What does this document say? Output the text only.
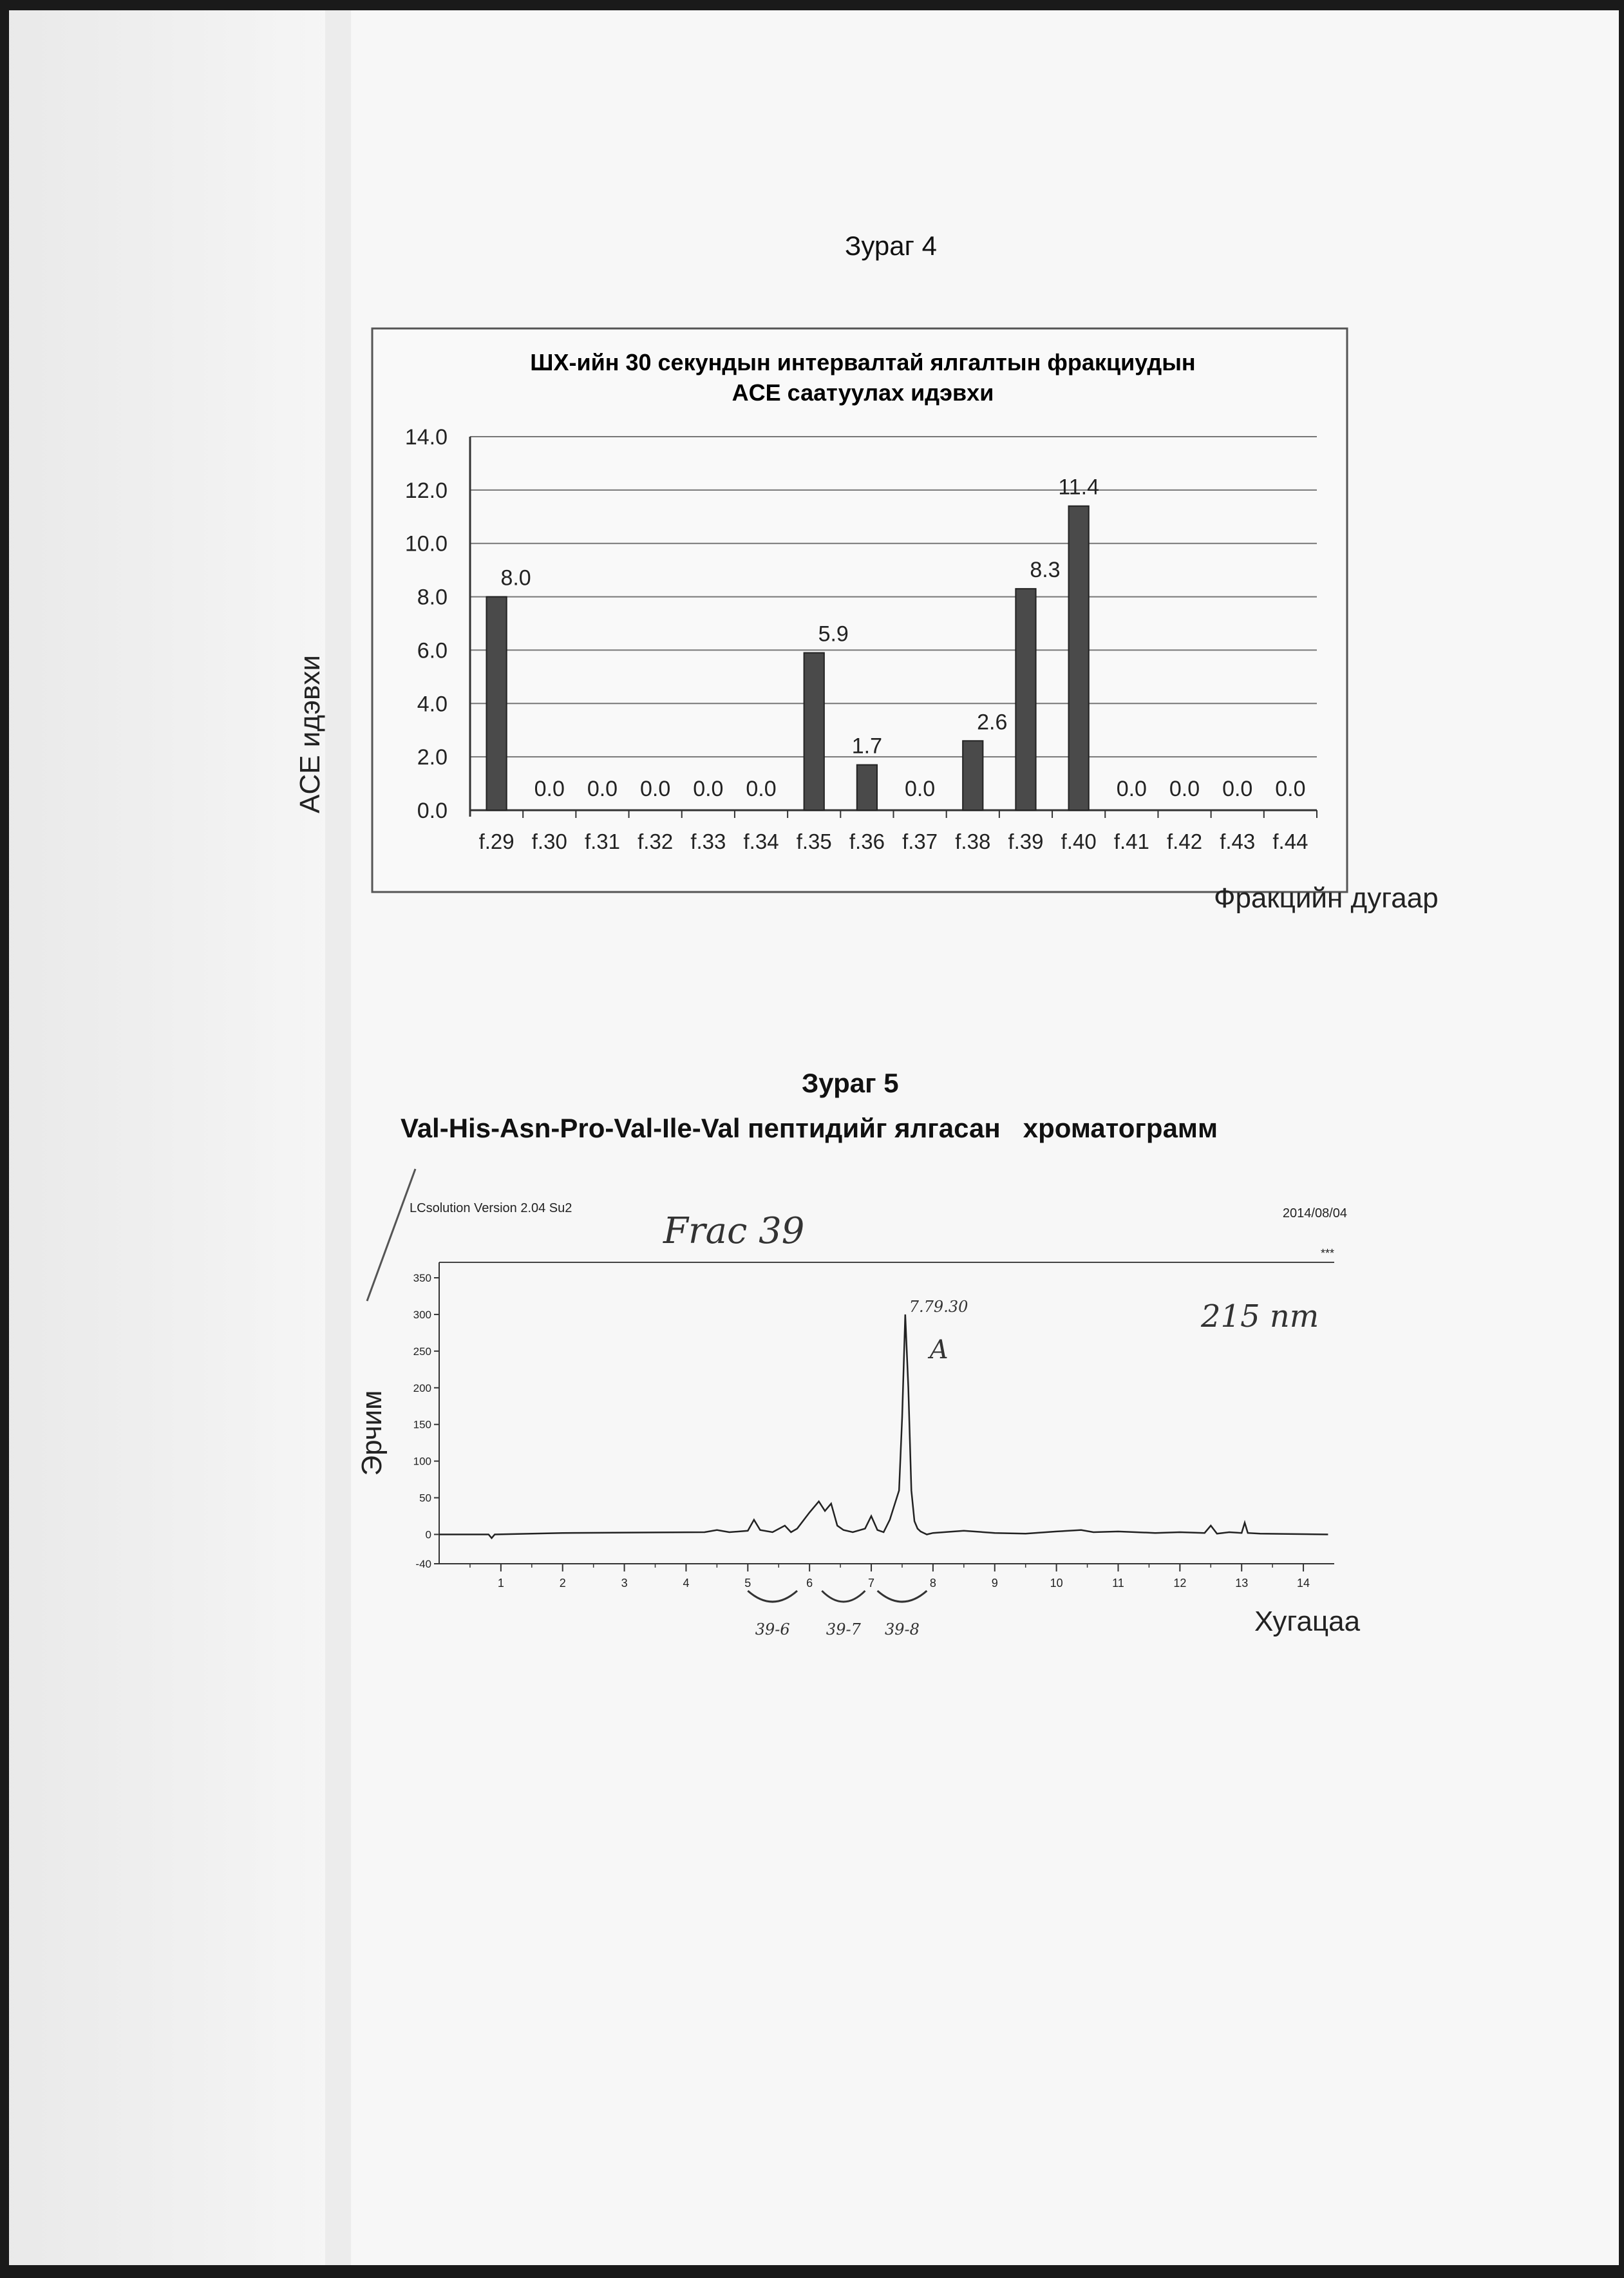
Зураг 4
ШХ-ийн 30 секундын интервалтай ялгалтын фракциудын
ACE саатуулах идэвхи
0.0
2.0
4.0
6.0
8.0
10.0
12.0
14.0
8.0
f.29
0.0
f.30
0.0
f.31
0.0
f.32
0.0
f.33
0.0
f.34
5.9
f.35
1.7
f.36
0.0
f.37
2.6
f.38
8.3
f.39
11.4
f.40
0.0
f.41
0.0
f.42
0.0
f.43
0.0
f.44
ACE идэвхи
Фракцийн дугаар
Зураг 5
Val-His-Asn-Pro-Val-Ile-Val пептидийг ялгасан   хроматограмм
LCsolution Version 2.04 Su2	2014/08/04
***
Frac 39
215 nm
-40
0
50
100
150
200
250
300
350
1	2	3	4	5	6	7	8	9	10	11	12	13	14
7.79.30
A
39-6 39-7 39-8
Эрчим
Хугацаа
